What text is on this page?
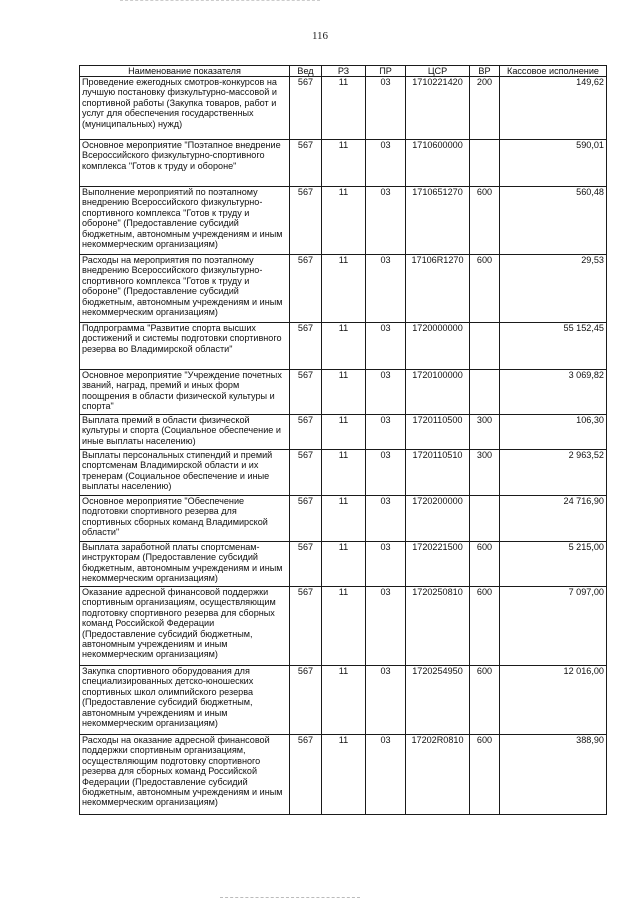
116
Наименование показателя	Вед	РЗ	ПР	ЦСР	ВР	Кассовое исполнение
Проведение ежегодных смотров-конкурсов на лучшую постановку физкультурно-массовой и спортивной работы (Закупка товаров, работ и услуг для обеспечения государственных (муниципальных) нужд)	567	11	03	1710221420	200	149,62
Основное мероприятие "Поэтапное внедрение Всероссийского физкультурно-спортивного комплекса "Готов к труду и обороне"	567	11	03	1710600000		590,01
Выполнение мероприятий по поэтапному внедрению Всероссийского физкультурно-спортивного комплекса "Готов к труду и обороне" (Предоставление субсидий бюджетным, автономным учреждениям и иным некоммерческим организациям)	567	11	03	1710651270	600	560,48
Расходы на мероприятия по поэтапному внедрению Всероссийского физкультурно-спортивного комплекса "Готов к труду и обороне" (Предоставление субсидий бюджетным, автономным учреждениям и иным некоммерческим организациям)	567	11	03	17106R1270	600	29,53
Подпрограмма "Развитие спорта высших достижений и системы подготовки спортивного резерва во Владимирской области"	567	11	03	1720000000		55 152,45
Основное мероприятие "Учреждение почетных званий, наград, премий и иных форм поощрения в области физической культуры и спорта"	567	11	03	1720100000		3 069,82
Выплата премий в области физической культуры и спорта (Социальное обеспечение и иные выплаты населению)	567	11	03	1720110500	300	106,30
Выплаты персональных стипендий и премий спортсменам Владимирской области и их тренерам (Социальное обеспечение и иные выплаты населению)	567	11	03	1720110510	300	2 963,52
Основное мероприятие "Обеспечение подготовки спортивного резерва для спортивных сборных команд Владимирской области"	567	11	03	1720200000		24 716,90
Выплата заработной платы спортсменам-инструкторам (Предоставление субсидий бюджетным, автономным учреждениям и иным некоммерческим организациям)	567	11	03	1720221500	600	5 215,00
Оказание адресной финансовой поддержки спортивным организациям, осуществляющим подготовку спортивного резерва для сборных команд Российской Федерации (Предоставление субсидий бюджетным, автономным учреждениям и иным некоммерческим организациям)	567	11	03	1720250810	600	7 097,00
Закупка спортивного оборудования для специализированных детско-юношеских спортивных школ олимпийского резерва (Предоставление субсидий бюджетным, автономным учреждениям и иным некоммерческим организациям)	567	11	03	1720254950	600	12 016,00
Расходы на оказание адресной финансовой поддержки спортивным организациям, осуществляющим подготовку спортивного резерва для сборных команд Российской Федерации (Предоставление субсидий бюджетным, автономным учреждениям и иным некоммерческим организациям)	567	11	03	17202R0810	600	388,90
